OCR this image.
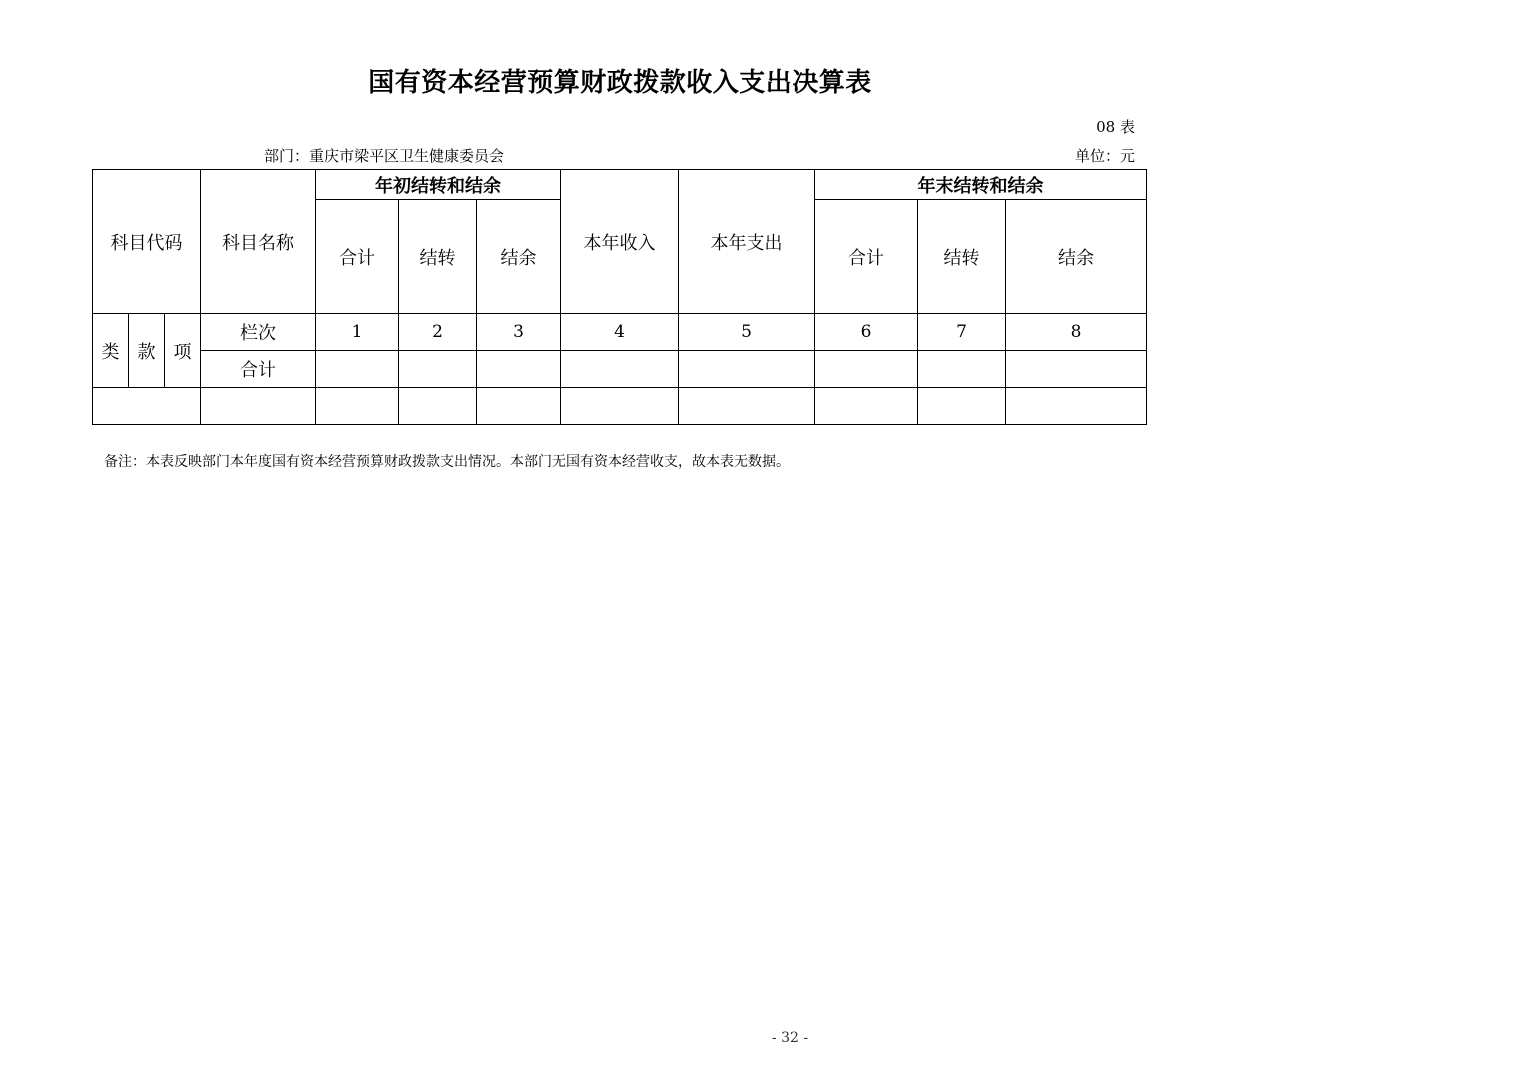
国有资本经营预算财政拨款收入支出决算表
08 表
部门：重庆市梁平区卫生健康委员会	单位：元
科目代码			科目名称	年初结转和结余			本年收入	本年支出	年末结转和结余		
				合计	结转	结余			合计	结转	结余
类	款	项	栏次	1	2	3	4	5	6	7	8
			合计								

备注：本表反映部门本年度国有资本经营预算财政拨款支出情况。本部门无国有资本经营收支，故本表无数据。
- 32 -
